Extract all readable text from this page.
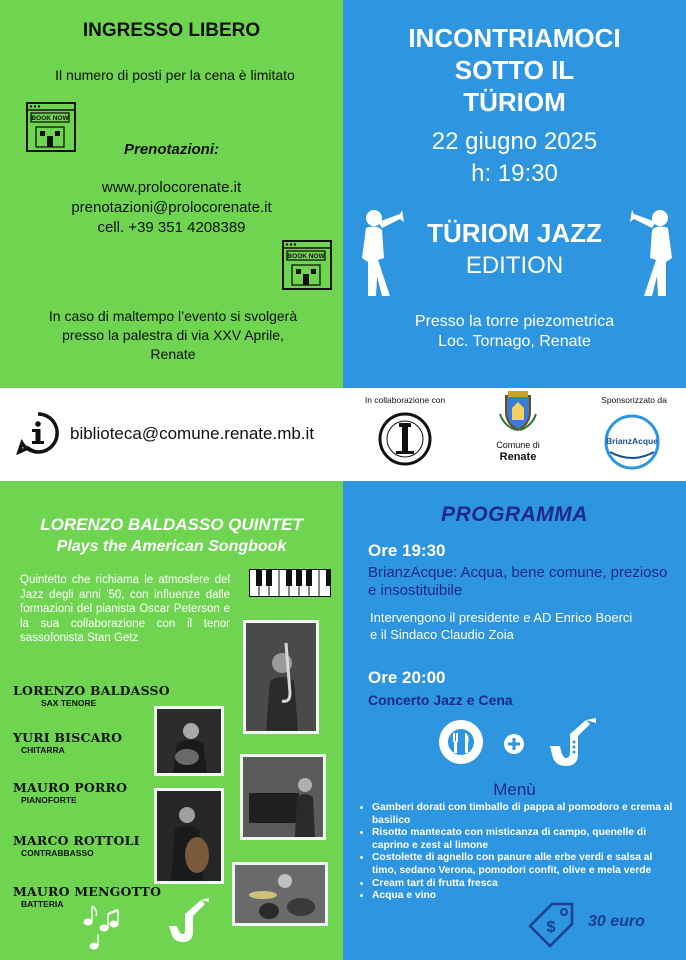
INGRESSO LIBERO
Il numero di posti per la cena è limitato
BOOK NOW
Prenotazioni:
www.prolocorenate.it
prenotazioni@prolocorenate.it
cell. +39 351 4208389
BOOK NOW
In caso di maltempo l’evento si svolgerà presso la palestra di via XXV Aprile, Renate
INCONTRIAMOCI
SOTTO IL
TÜRIOM
22 giugno 2025
h: 19:30
TÜRIOM JAZZ
EDITION
Presso la torre piezometrica
Loc. Tornago, Renate
biblioteca@comune.renate.mb.it
In collaborazione con
Comune di
Renate
Sponsorizzato da
BrianzAcque
LORENZO BALDASSO QUINTET
Plays the American Songbook
Quintetto che richiama le atmosfere del Jazz degli anni '50, con influenze dalle formazioni del pianista Oscar Peterson e la sua collaborazione con il tenor sassofonista Stan Getz
LORENZO BALDASSO
SAX TENORE
YURI BISCARO
CHITARRA
MAURO PORRO
PIANOFORTE
MARCO ROTTOLI
CONTRABBASSO
MAURO MENGOTTO
BATTERIA
PROGRAMMA
Ore 19:30
BrianzAcque: Acqua, bene comune, prezioso e insostituibile
Intervengono il presidente e AD Enrico Boerci e il Sindaco Claudio Zoia
Ore 20:00
Concerto Jazz e Cena
Menù
• Gamberi dorati con timballo di pappa al pomodoro e crema al basilico
• Risotto mantecato con misticanza di campo, quenelle di caprino e zest al limone
• Costolette di agnello con panure alle erbe verdi e salsa al timo, sedano Verona, pomodori confit, olive e mela verde
• Cream tart di frutta fresca
• Acqua e vino
$ 30 euro
